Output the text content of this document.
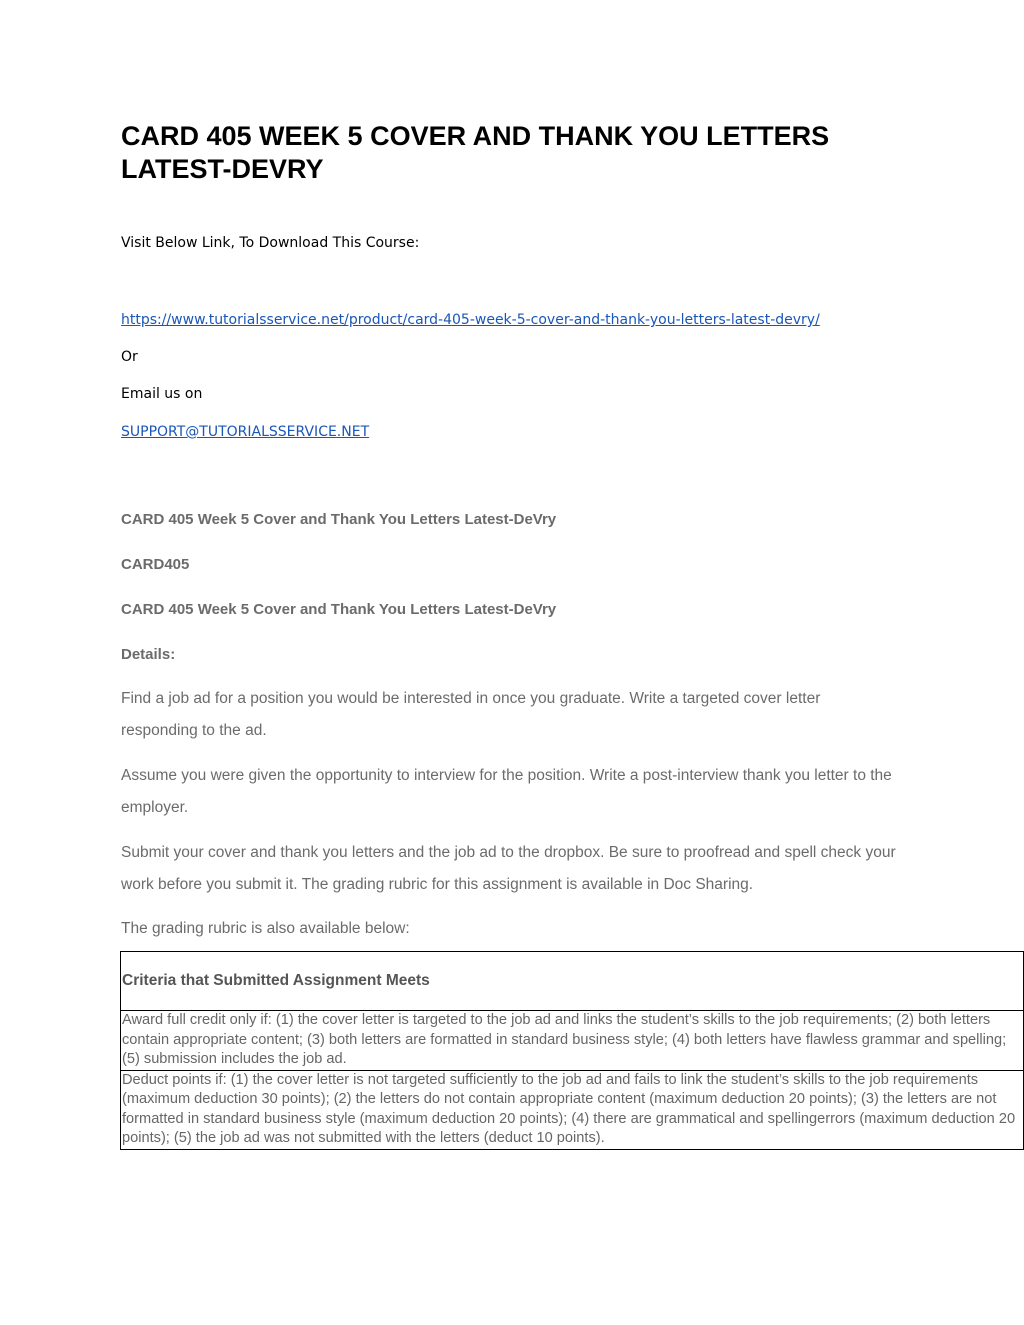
CARD 405 WEEK 5 COVER AND THANK YOU LETTERS LATEST-DEVRY

Visit Below Link, To Download This Course:

https://www.tutorialsservice.net/product/card-405-week-5-cover-and-thank-you-letters-latest-devry/

Or

Email us on

SUPPORT@TUTORIALSSERVICE.NET

CARD 405 Week 5 Cover and Thank You Letters Latest-DeVry

CARD405

CARD 405 Week 5 Cover and Thank You Letters Latest-DeVry

Details:

Find a job ad for a position you would be interested in once you graduate. Write a targeted cover letter responding to the ad.

Assume you were given the opportunity to interview for the position. Write a post-interview thank you letter to the employer.

Submit your cover and thank you letters and the job ad to the dropbox. Be sure to proofread and spell check your work before you submit it. The grading rubric for this assignment is available in Doc Sharing.

The grading rubric is also available below:

Criteria that Submitted Assignment Meets
Award full credit only if: (1) the cover letter is targeted to the job ad and links the student’s skills to the job requirements; (2) both letters contain appropriate content; (3) both letters are formatted in standard business style; (4) both letters have flawless grammar and spelling; (5) submission includes the job ad.
Deduct points if: (1) the cover letter is not targeted sufficiently to the job ad and fails to link the student’s skills to the job requirements (maximum deduction 30 points); (2) the letters do not contain appropriate content (maximum deduction 20 points); (3) the letters are not formatted in standard business style (maximum deduction 20 points); (4) there are grammatical and spellingerrors (maximum deduction 20 points); (5) the job ad was not submitted with the letters (deduct 10 points).
